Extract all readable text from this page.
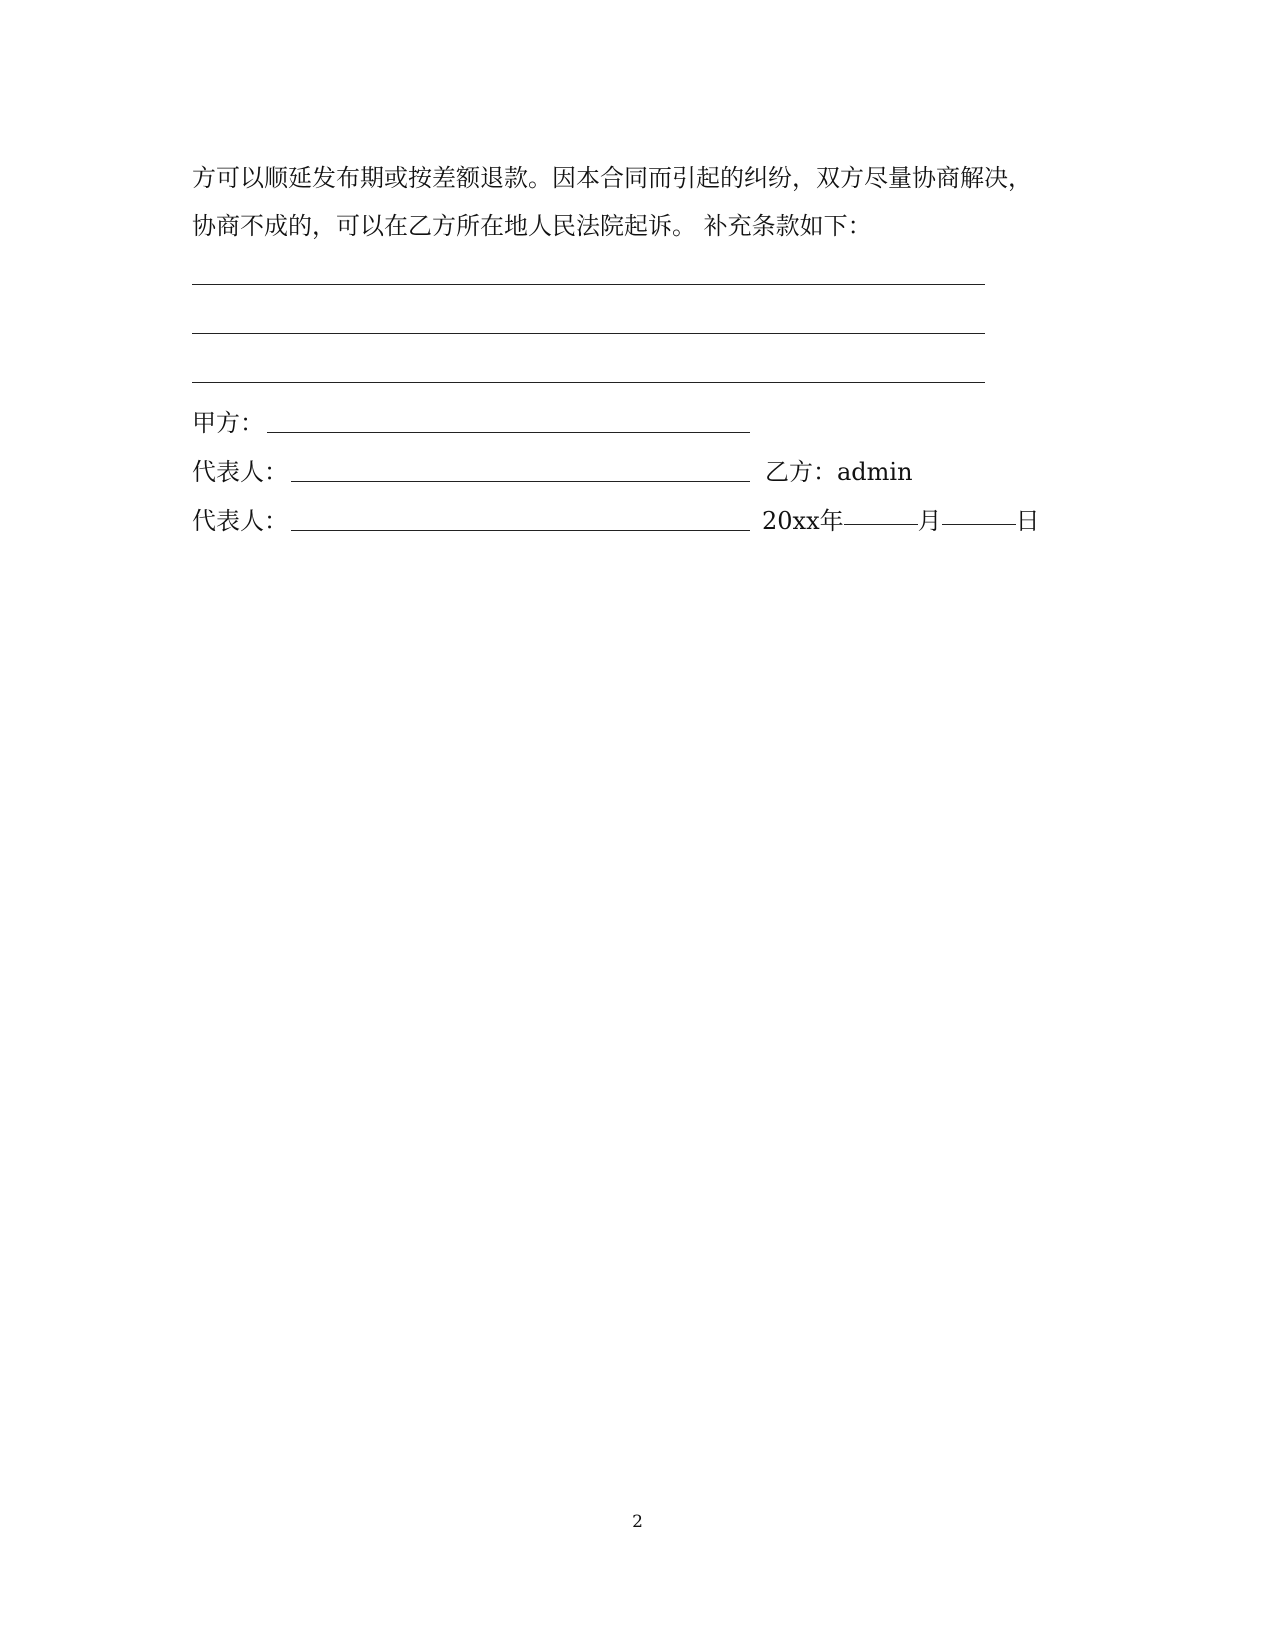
方可以顺延发布期或按差额退款。因本合同而引起的纠纷，双方尽量协商解决，
协商不成的，可以在乙方所在地人民法院起诉。 补充条款如下：
甲方：
代表人：	乙方：admin
代表人：	20xx年	月	日
2
